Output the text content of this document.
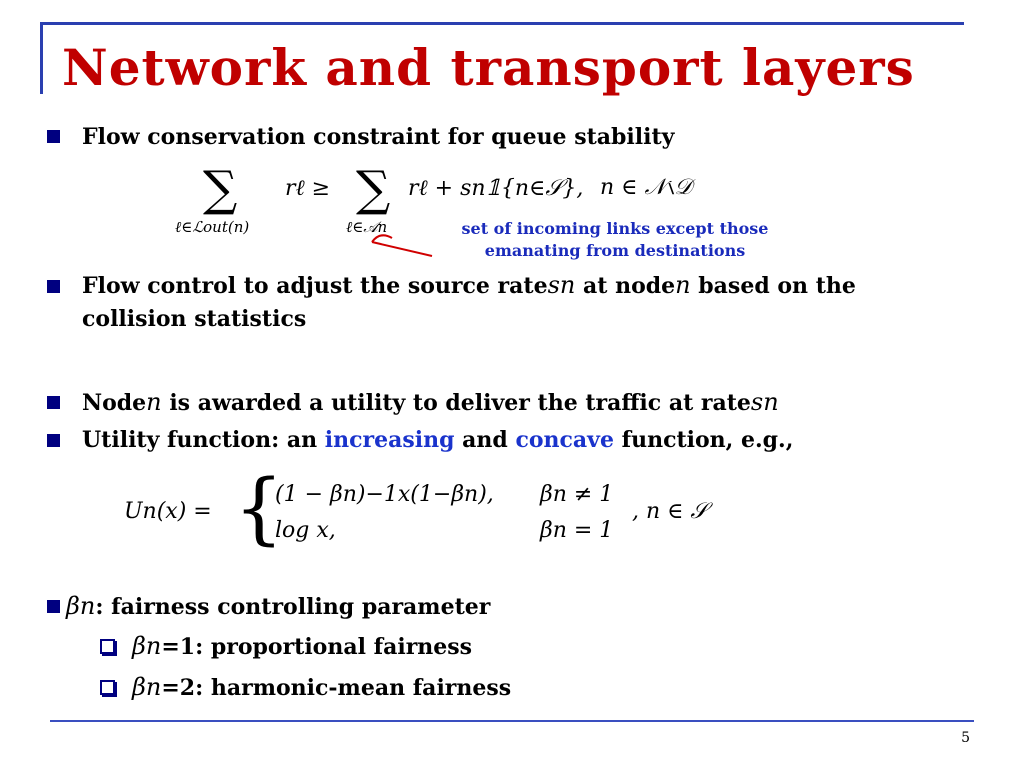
Network and transport layers
Flow conservation constraint for queue stability
∑
ℓ∈ℒout(n)
rℓ ≥ ∑
ℓ∈𝒜n
rℓ + sn𝟙{n∈𝒮}, n ∈ 𝒩∖𝒟
set of incoming links except those
emanating from destinations
Flow control to adjust the source ratesn at noden based on the
collision statistics
Noden is awarded a utility to deliver the traffic at ratesn
Utility function: an increasing and concave function, e.g.,
Un(x) = {
(1 − βn)−1x(1−βn), βn ≠ 1
log x,	βn = 1
, n ∈ 𝒮
βn: fairness controlling parameter
βn=1: proportional fairness
βn=2: harmonic-mean fairness
5
